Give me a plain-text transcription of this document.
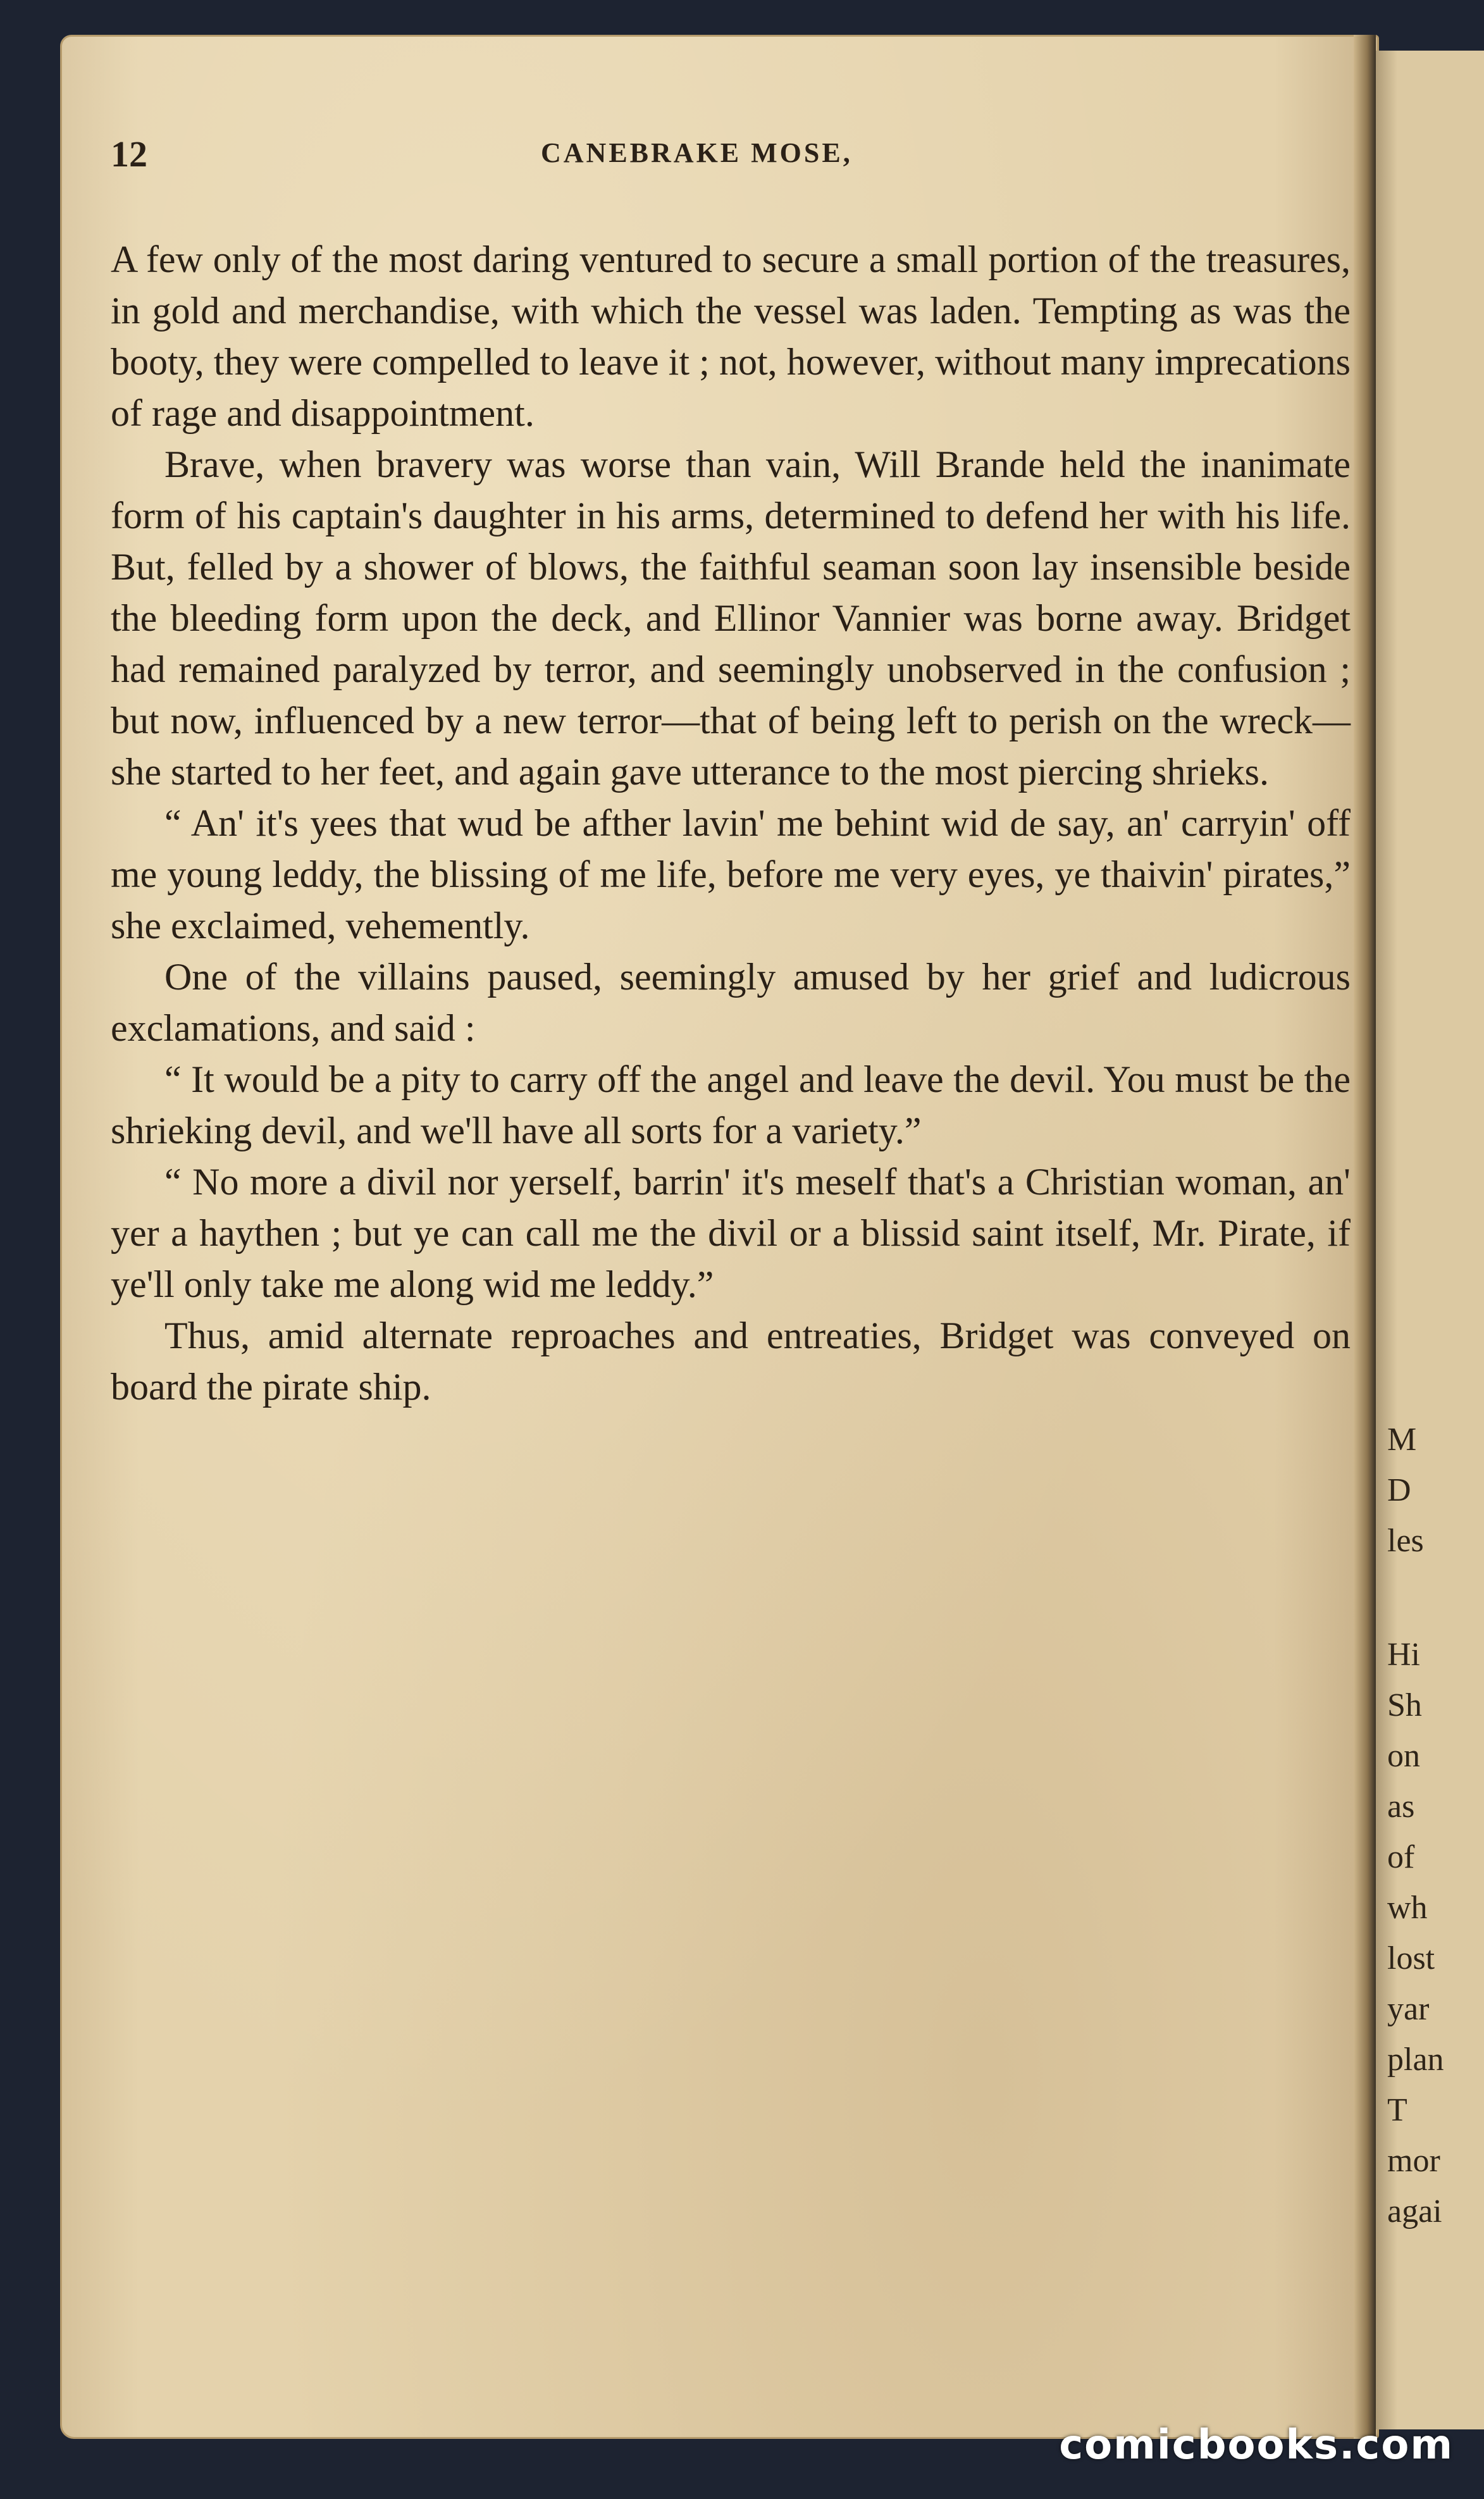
M
D
les
Hi
Sh
on
as
of
wh
lost
yar
plan
T
mor
agai
12	CANEBRAKE MOSE,

A few only of the most daring ventured to secure a small portion of the treasures, in gold and merchandise, with which the vessel was laden. Tempting as was the booty, they were compelled to leave it ; not, however, without many imprecations of rage and disappointment.

Brave, when bravery was worse than vain, Will Brande held the inanimate form of his captain's daughter in his arms, determined to defend her with his life. But, felled by a shower of blows, the faithful seaman soon lay insensible beside the bleeding form upon the deck, and Ellinor Vannier was borne away. Bridget had remained paralyzed by terror, and seemingly unobserved in the confusion ; but now, influenced by a new terror—that of being left to perish on the wreck—she started to her feet, and again gave utterance to the most piercing shrieks.

“ An' it's yees that wud be afther lavin' me behint wid de say, an' carryin' off me young leddy, the blissing of me life, before me very eyes, ye thaivin' pirates,” she exclaimed, vehemently.

One of the villains paused, seemingly amused by her grief and ludicrous exclamations, and said :

“ It would be a pity to carry off the angel and leave the devil. You must be the shrieking devil, and we'll have all sorts for a variety.”

“ No more a divil nor yerself, barrin' it's meself that's a Christian woman, an' yer a haythen ; but ye can call me the divil or a blissid saint itself, Mr. Pirate, if ye'll only take me along wid me leddy.”

Thus, amid alternate reproaches and entreaties, Bridget was conveyed on board the pirate ship.

comicbooks.com
